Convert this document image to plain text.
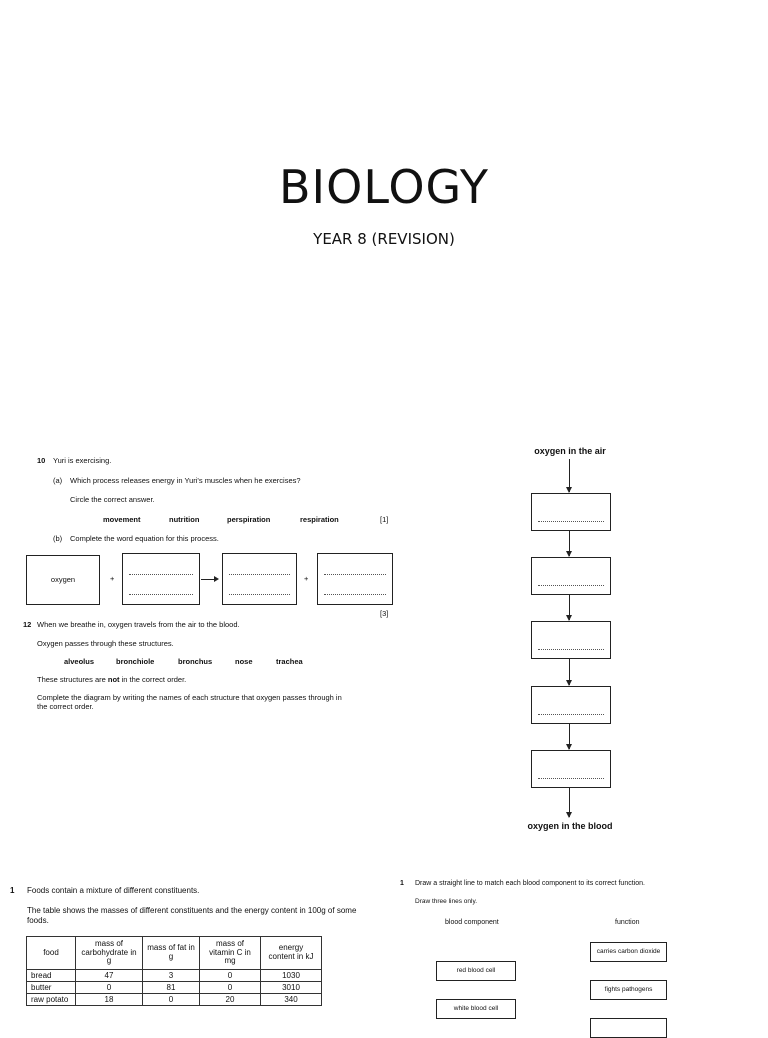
BIOLOGY
YEAR 8 (REVISION)
10 Yuri is exercising.
(a) Which process releases energy in Yuri's muscles when he exercises?
Circle the correct answer.
movement	nutrition	perspiration	respiration	[1]
(b) Complete the word equation for this process.
oxygen	+	+
[3]
12 When we breathe in, oxygen travels from the air to the blood.
Oxygen passes through these structures.
alveolus	bronchiole	bronchus	nose	trachea
These structures are not in the correct order.
Complete the diagram by writing the names of each structure that oxygen passes through in the correct order.
oxygen in the air
oxygen in the blood
1 Foods contain a mixture of different constituents.
The table shows the masses of different constituents and the energy content in 100g of some foods.
food	mass of carbohydrate in g	mass of fat in g	mass of vitamin C in mg	energy content in kJ
bread	47	3	0	1030
butter	0	81	0	3010
raw potato	18	0	20	340
1 Draw a straight line to match each blood component to its correct function.
Draw three lines only.
blood component	function
carries carbon dioxide
red blood cell
fights pathogens
white blood cell
